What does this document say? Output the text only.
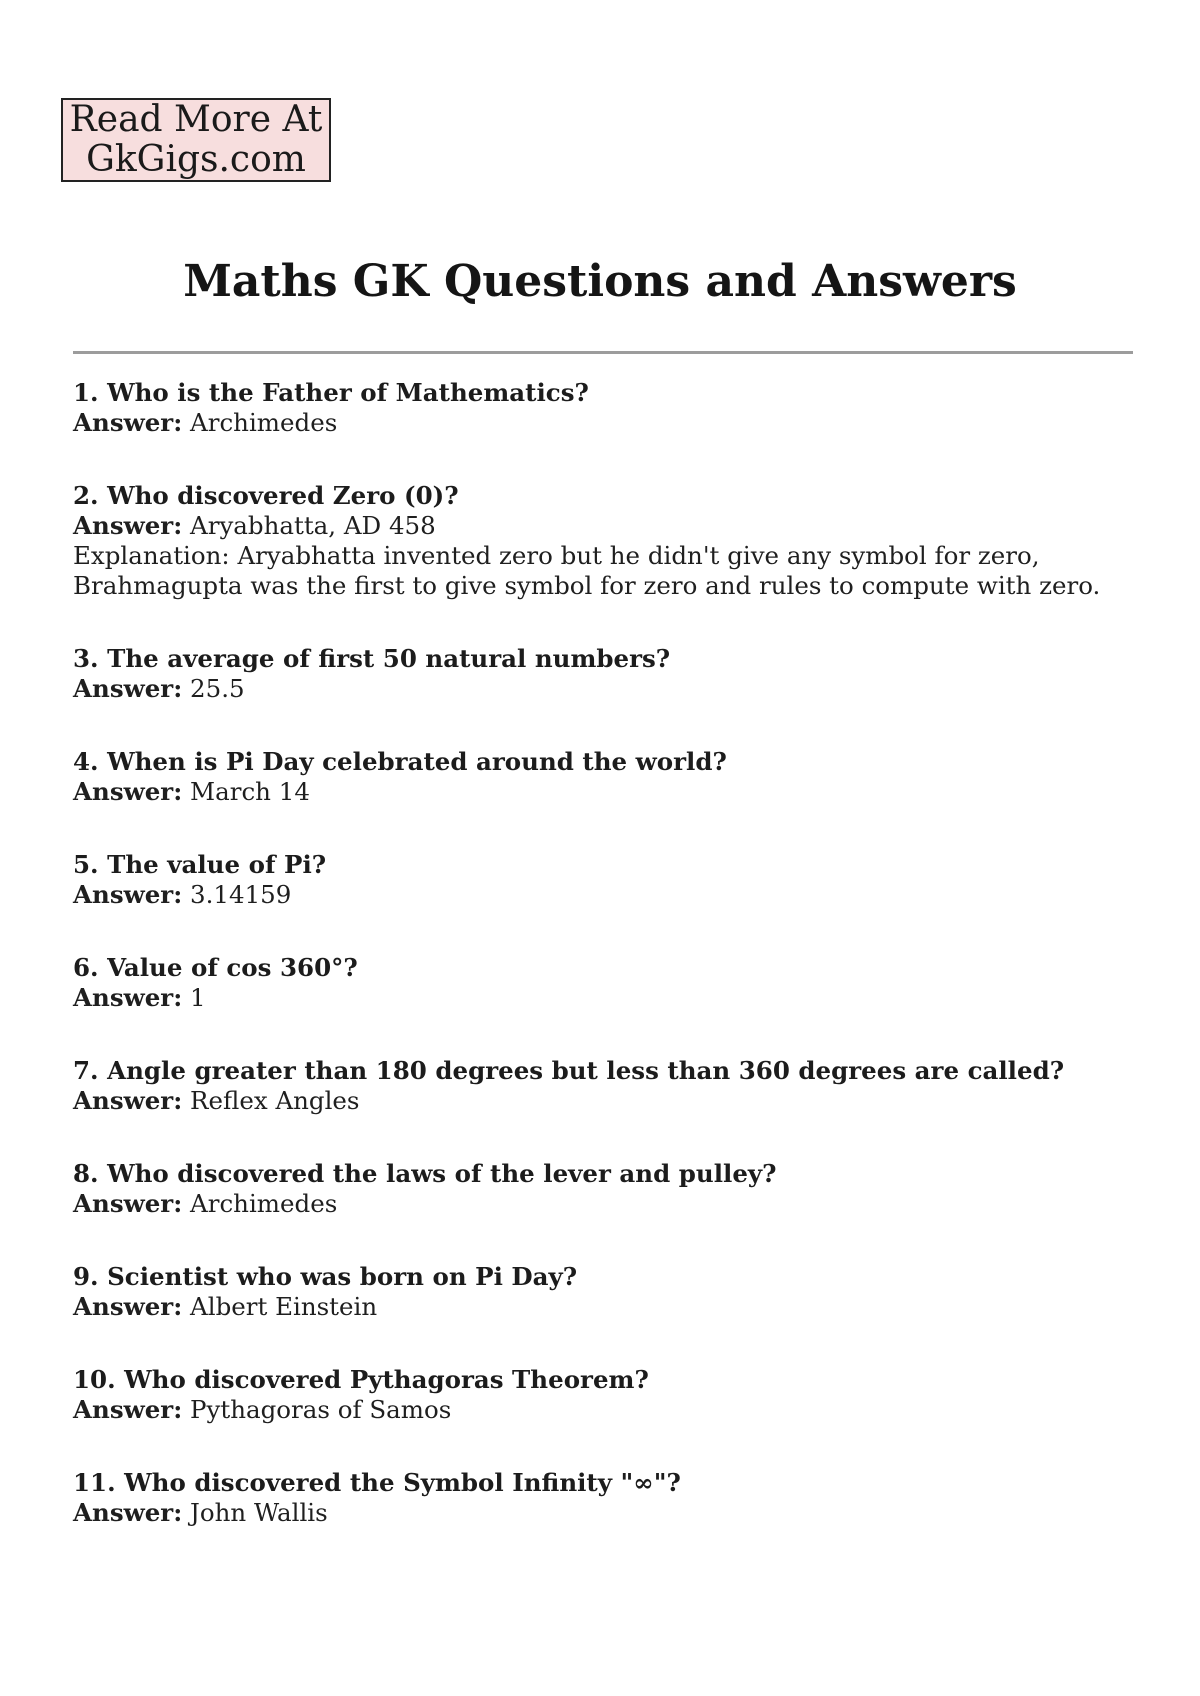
Read More At
GkGigs.com
Maths GK Questions and Answers
1. Who is the Father of Mathematics?
Answer: Archimedes
2. Who discovered Zero (0)?
Answer: Aryabhatta, AD 458
Explanation: Aryabhatta invented zero but he didn't give any symbol for zero, Brahmagupta was the first to give symbol for zero and rules to compute with zero.
3. The average of first 50 natural numbers?
Answer: 25.5
4. When is Pi Day celebrated around the world?
Answer: March 14
5. The value of Pi?
Answer: 3.14159
6. Value of cos 360°?
Answer: 1
7. Angle greater than 180 degrees but less than 360 degrees are called?
Answer: Reflex Angles
8. Who discovered the laws of the lever and pulley?
Answer: Archimedes
9. Scientist who was born on Pi Day?
Answer: Albert Einstein
10. Who discovered Pythagoras Theorem?
Answer: Pythagoras of Samos
11. Who discovered the Symbol Infinity "∞"?
Answer: John Wallis
